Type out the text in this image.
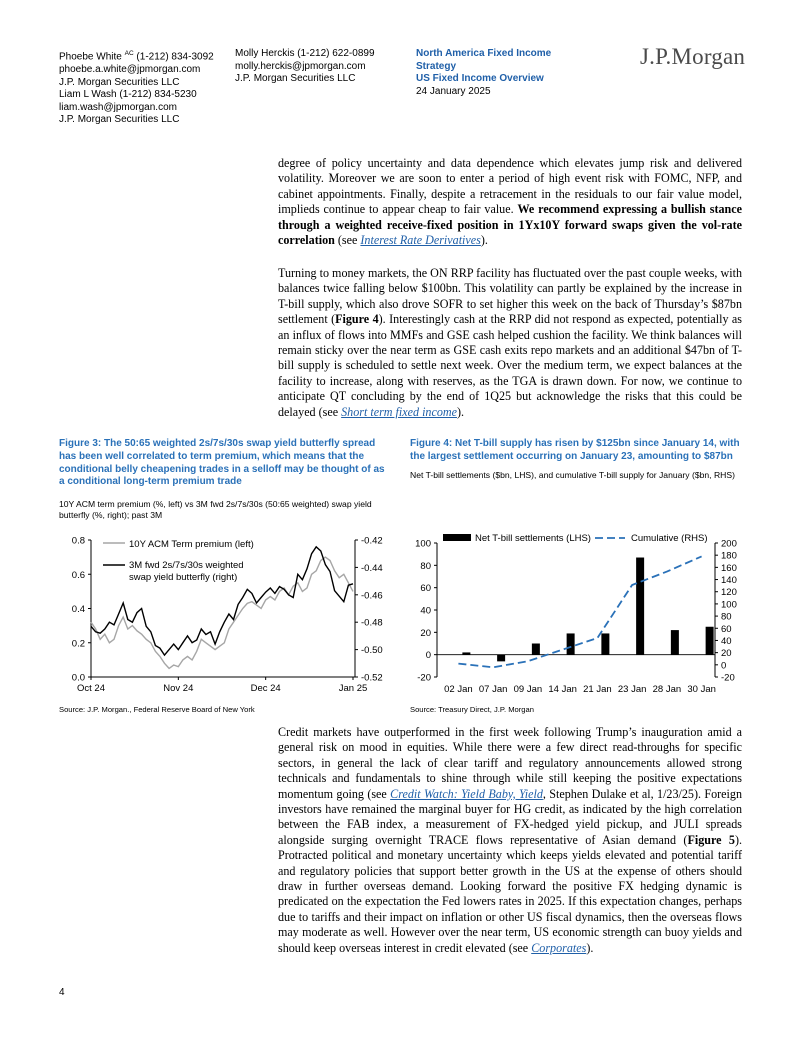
Phoebe White $^{AC}$ (1-212) 834-3092
phoebe.a.white@jpmorgan.com
J.P. Morgan Securities LLC
Liam L Wash (1-212) 834-5230
liam.wash@jpmorgan.com
J.P. Morgan Securities LLC
Molly Herckis (1-212) 622-0899
molly.herckis@jpmorgan.com
J.P. Morgan Securities LLC
North America Fixed Income
Strategy
US Fixed Income Overview
24 January 2025
J.P.Morgan
degree of policy uncertainty and data dependence which elevates jump risk and delivered volatility. Moreover we are soon to enter a period of high event risk with FOMC, NFP, and cabinet appointments. Finally, despite a retracement in the residuals to our fair value model, implieds continue to appear cheap to fair value. We recommend expressing a bullish stance through a weighted receive-fixed position in 1Yx10Y forward swaps given the vol-rate correlation (see Interest Rate Derivatives).
Turning to money markets, the ON RRP facility has fluctuated over the past couple weeks, with balances twice falling below $100bn. This volatility can partly be explained by the increase in T-bill supply, which also drove SOFR to set higher this week on the back of Thursday’s $87bn settlement (Figure 4). Interestingly cash at the RRP did not respond as expected, potentially as an influx of flows into MMFs and GSE cash helped cushion the facility. We think balances will remain sticky over the near term as GSE cash exits repo markets and an additional $47bn of T-bill supply is scheduled to settle next week. Over the medium term, we expect balances at the facility to increase, along with reserves, as the TGA is drawn down. For now, we continue to anticipate QT concluding by the end of 1Q25 but acknowledge the risks that this could be delayed (see Short term fixed income).
Figure 3: The 50:65 weighted 2s/7s/30s swap yield butterfly spread has been well correlated to term premium, which means that the conditional belly cheapening trades in a selloff may be thought of as a conditional long-term premium trade
10Y ACM term premium (%, left) vs 3M fwd 2s/7s/30s (50:65 weighted) swap yield butterfly (%, right); past 3M
0.8
0.6
0.4
0.2
0.0
-0.42
-0.44
-0.46
-0.48
-0.50
-0.52
Oct 24	Nov 24	Dec 24	Jan 25
10Y ACM Term premium (left)
3M fwd 2s/7s/30s weighted
swap yield butterfly (right)
Source: J.P. Morgan., Federal Reserve Board of New York
Figure 4: Net T-bill supply has risen by $125bn since January 14, with the largest settlement occurring on January 23, amounting to $87bn
Net T-bill settlements ($bn, LHS), and cumulative T-bill supply for January ($bn, RHS)
100
80
60
40
20
0
-20
200
180
160
140
120
100
80
60
40
20
0
-20
02 Jan 07 Jan 09 Jan 14 Jan 21 Jan 23 Jan 28 Jan 30 Jan
Net T-bill settlements (LHS)	Cumulative (RHS)
Source: Treasury Direct, J.P. Morgan
Credit markets have outperformed in the first week following Trump’s inauguration amid a general risk on mood in equities. While there were a few direct read-throughs for specific sectors, in general the lack of clear tariff and regulatory announcements allowed strong technicals and fundamentals to shine through while still keeping the positive expectations momentum going (see Credit Watch: Yield Baby, Yield, Stephen Dulake et al, 1/23/25). Foreign investors have remained the marginal buyer for HG credit, as indicated by the high correlation between the FAB index, a measurement of FX-hedged yield pickup, and JULI spreads alongside surging overnight TRACE flows representative of Asian demand (Figure 5). Protracted political and monetary uncertainty which keeps yields elevated and potential tariff and regulatory policies that support better growth in the US at the expense of others should draw in further overseas demand. Looking forward the positive FX hedging dynamic is predicated on the expectation the Fed lowers rates in 2025. If this expectation changes, perhaps due to tariffs and their impact on inflation or other US fiscal dynamics, then the overseas flows may moderate as well. However over the near term, US economic strength can buoy yields and should keep overseas interest in credit elevated (see Corporates).
4
